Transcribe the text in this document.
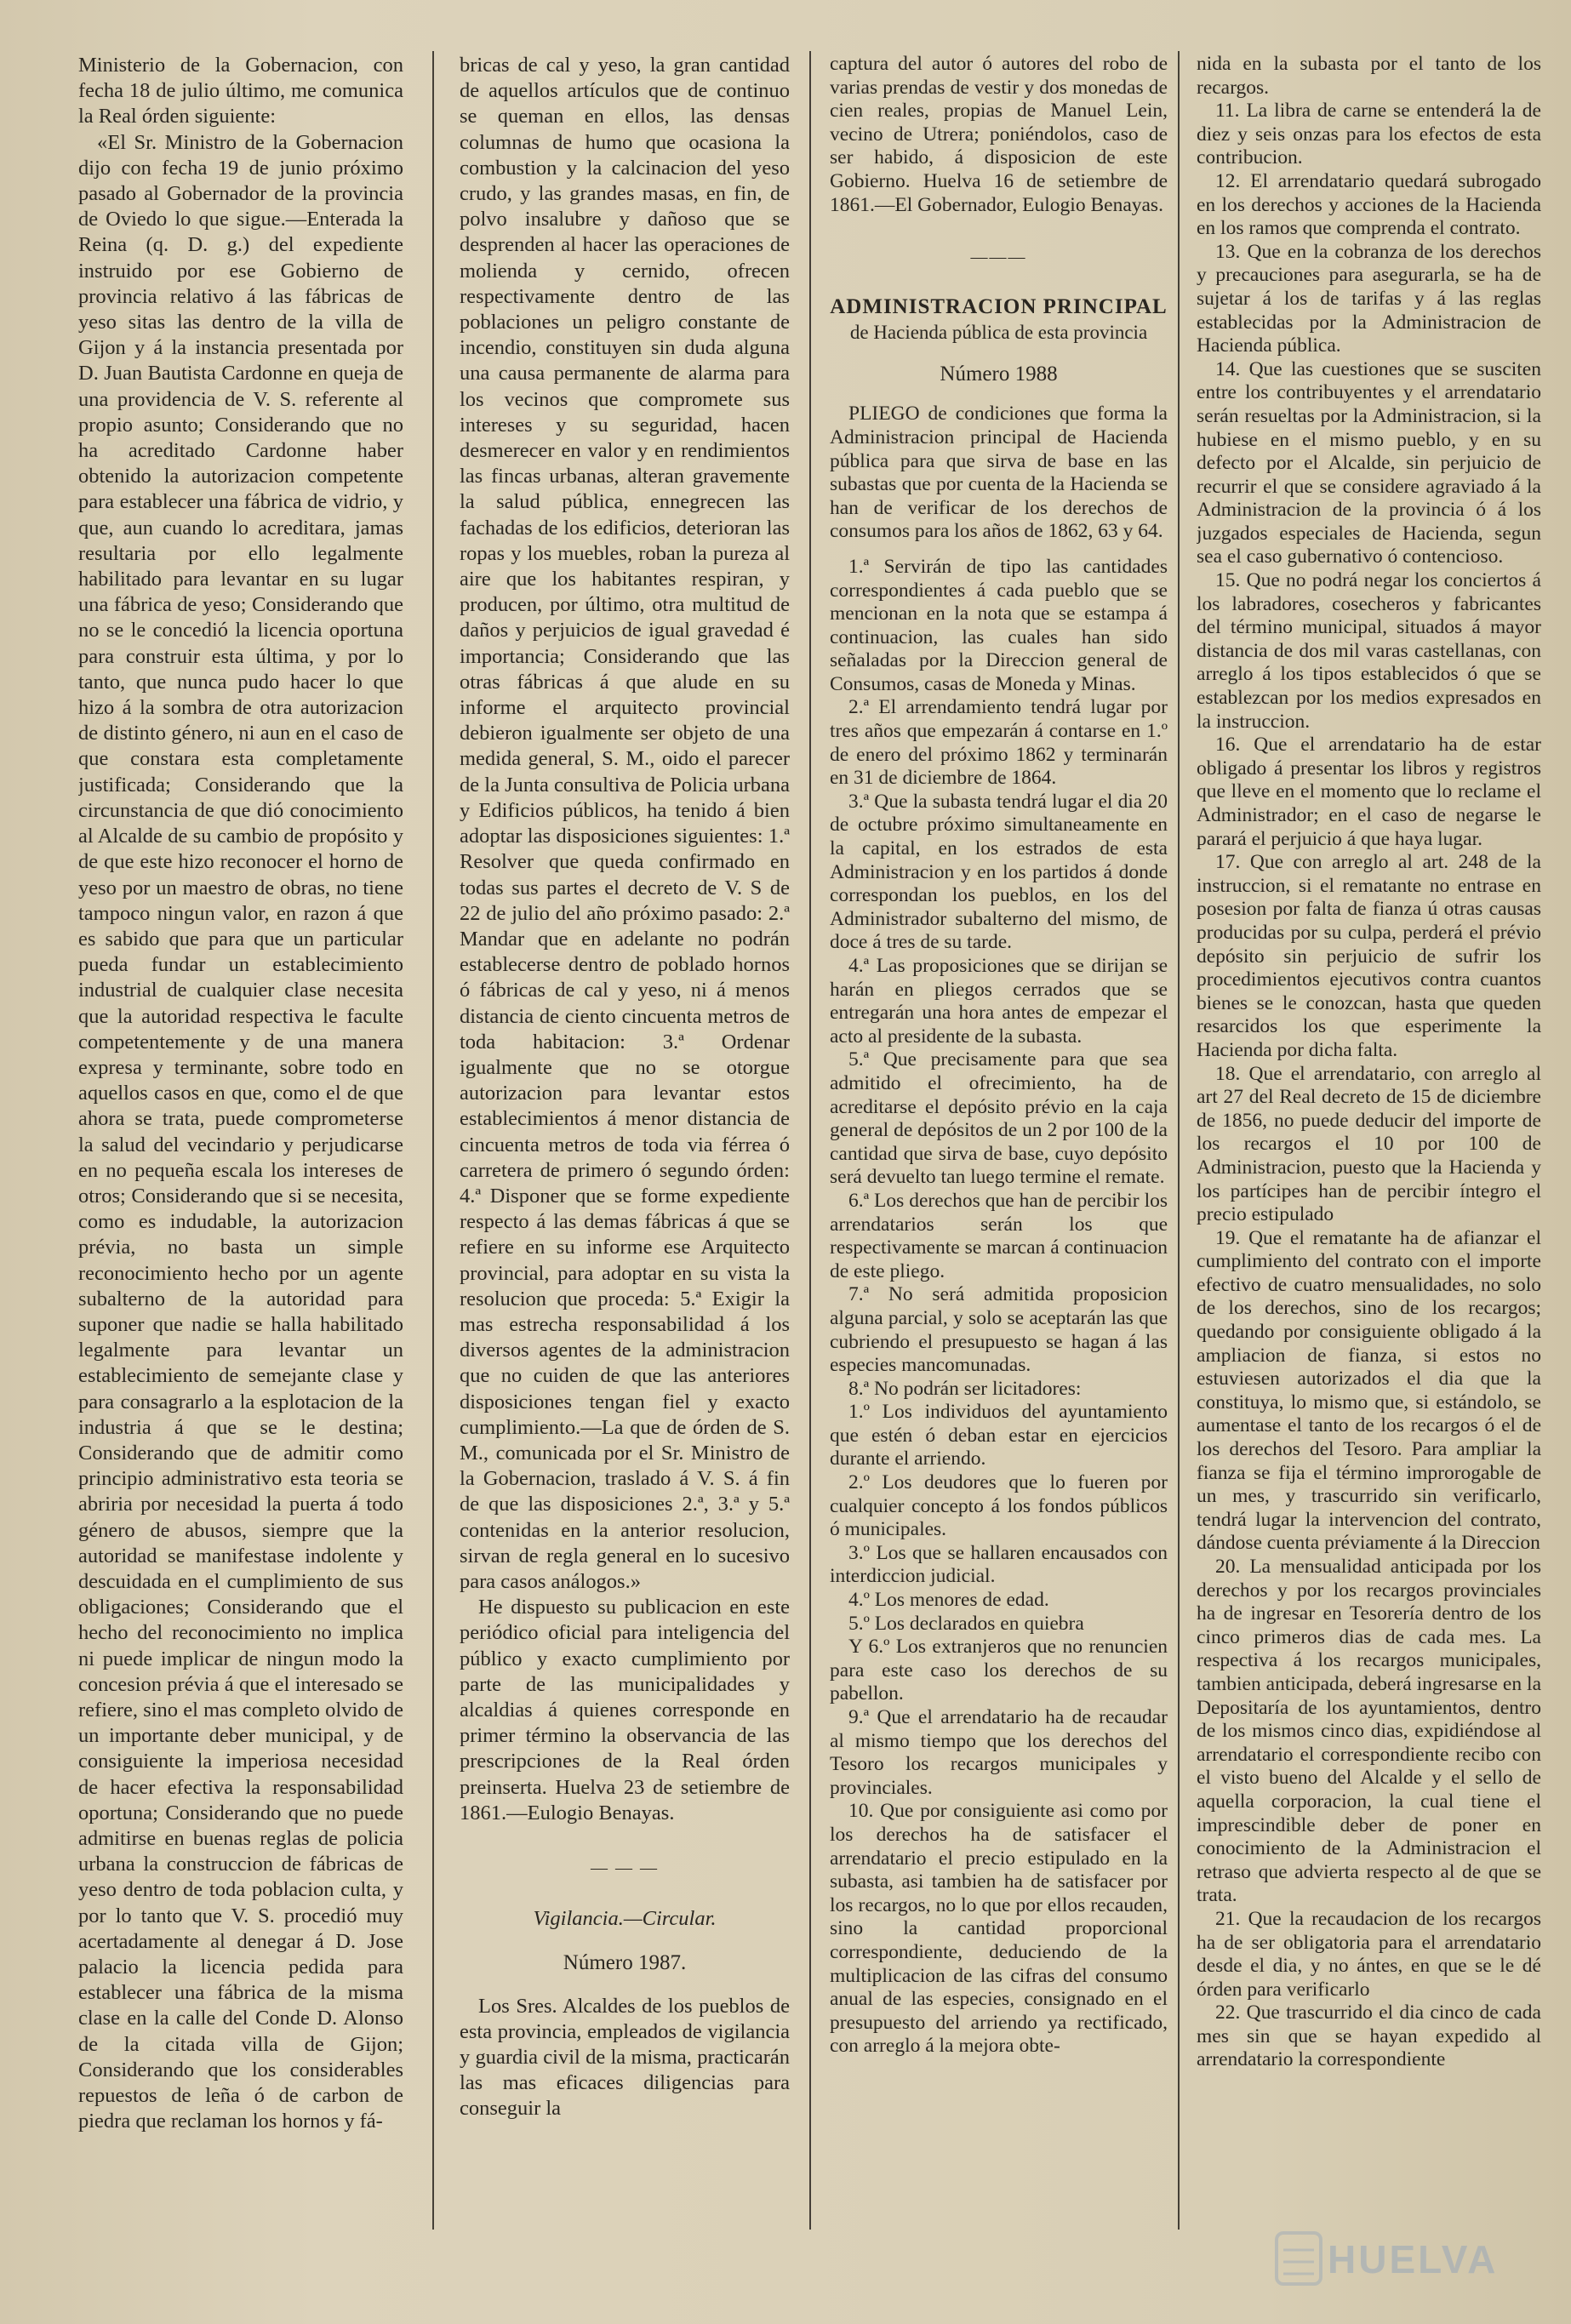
Ministerio de la Gobernacion, con fecha 18 de julio último, me comunica la Real órden siguiente:

«El Sr. Ministro de la Gobernacion dijo con fecha 19 de junio próximo pasado al Gobernador de la provincia de Oviedo lo que sigue.—Enterada la Reina (q. D. g.) del expediente instruido por ese Gobierno de provincia relativo á las fábricas de yeso sitas las dentro de la villa de Gijon y á la instancia presentada por D. Juan Bautista Cardonne en queja de una providencia de V. S. referente al propio asunto; Considerando que no ha acreditado Cardonne haber obtenido la autorizacion competente para establecer una fábrica de vidrio, y que, aun cuando lo acreditara, jamas resultaria por ello legalmente habilitado para levantar en su lugar una fábrica de yeso; Considerando que no se le concedió la licencia oportuna para construir esta última, y por lo tanto, que nunca pudo hacer lo que hizo á la sombra de otra autorizacion de distinto género, ni aun en el caso de que constara esta completamente justificada; Considerando que la circunstancia de que dió conocimiento al Alcalde de su cambio de propósito y de que este hizo reconocer el horno de yeso por un maestro de obras, no tiene tampoco ningun valor, en razon á que es sabido que para que un particular pueda fundar un establecimiento industrial de cualquier clase necesita que la autoridad respectiva le faculte competentemente y de una manera expresa y terminante, sobre todo en aquellos casos en que, como el de que ahora se trata, puede comprometerse la salud del vecindario y perjudicarse en no pequeña escala los intereses de otros; Considerando que si se necesita, como es indudable, la autorizacion prévia, no basta un simple reconocimiento hecho por un agente subalterno de la autoridad para suponer que nadie se halla habilitado legalmente para levantar un establecimiento de semejante clase y para consagrarlo a la esplotacion de la industria á que se le destina; Considerando que de admitir como principio administrativo esta teoria se abriria por necesidad la puerta á todo género de abusos, siempre que la autoridad se manifestase indolente y descuidada en el cumplimiento de sus obligaciones; Considerando que el hecho del reconocimiento no implica ni puede implicar de ningun modo la concesion prévia á que el interesado se refiere, sino el mas completo olvido de un importante deber municipal, y de consiguiente la imperiosa necesidad de hacer efectiva la responsabilidad oportuna; Considerando que no puede admitirse en buenas reglas de policia urbana la construccion de fábricas de yeso dentro de toda poblacion culta, y por lo tanto que V. S. procedió muy acertadamente al denegar á D. Jose palacio la licencia pedida para establecer una fábrica de la misma clase en la calle del Conde D. Alonso de la citada villa de Gijon; Considerando que los considerables repuestos de leña ó de carbon de piedra que reclaman los hornos y fá-

bricas de cal y yeso, la gran cantidad de aquellos artículos que de continuo se queman en ellos, las densas columnas de humo que ocasiona la combustion y la calcinacion del yeso crudo, y las grandes masas, en fin, de polvo insalubre y dañoso que se desprenden al hacer las operaciones de molienda y cernido, ofrecen respectivamente dentro de las poblaciones un peligro constante de incendio, constituyen sin duda alguna una causa permanente de alarma para los vecinos que compromete sus intereses y su seguridad, hacen desmerecer en valor y en rendimientos las fincas urbanas, alteran gravemente la salud pública, ennegrecen las fachadas de los edificios, deterioran las ropas y los muebles, roban la pureza al aire que los habitantes respiran, y producen, por último, otra multitud de daños y perjuicios de igual gravedad é importancia; Considerando que las otras fábricas á que alude en su informe el arquitecto provincial debieron igualmente ser objeto de una medida general, S. M., oido el parecer de la Junta consultiva de Policia urbana y Edificios públicos, ha tenido á bien adoptar las disposiciones siguientes: 1.ª Resolver que queda confirmado en todas sus partes el decreto de V. S de 22 de julio del año próximo pasado: 2.ª Mandar que en adelante no podrán establecerse dentro de poblado hornos ó fábricas de cal y yeso, ni á menos distancia de ciento cincuenta metros de toda habitacion: 3.ª Ordenar igualmente que no se otorgue autorizacion para levantar estos establecimientos á menor distancia de cincuenta metros de toda via férrea ó carretera de primero ó segundo órden: 4.ª Disponer que se forme expediente respecto á las demas fábricas á que se refiere en su informe ese Arquitecto provincial, para adoptar en su vista la resolucion que proceda: 5.ª Exigir la mas estrecha responsabilidad á los diversos agentes de la administracion que no cuiden de que las anteriores disposiciones tengan fiel y exacto cumplimiento.—La que de órden de S. M., comunicada por el Sr. Ministro de la Gobernacion, traslado á V. S. á fin de que las disposiciones 2.ª, 3.ª y 5.ª contenidas en la anterior resolucion, sirvan de regla general en lo sucesivo para casos análogos.»

He dispuesto su publicacion en este periódico oficial para inteligencia del público y exacto cumplimiento por parte de las municipalidades y alcaldias á quienes corresponde en primer término la observancia de las prescripciones de la Real órden preinserta. Huelva 23 de setiembre de 1861.—Eulogio Benayas.

— — —

Vigilancia.—Circular.

Número 1987.

Los Sres. Alcaldes de los pueblos de esta provincia, empleados de vigilancia y guardia civil de la misma, practicarán las mas eficaces diligencias para conseguir la

captura del autor ó autores del robo de varias prendas de vestir y dos monedas de cien reales, propias de Manuel Lein, vecino de Utrera; poniéndolos, caso de ser habido, á disposicion de este Gobierno. Huelva 16 de setiembre de 1861.—El Gobernador, Eulogio Benayas.

———

ADMINISTRACION PRINCIPAL

de Hacienda pública de esta provincia

Número 1988

PLIEGO de condiciones que forma la Administracion principal de Hacienda pública para que sirva de base en las subastas que por cuenta de la Hacienda se han de verificar de los derechos de consumos para los años de 1862, 63 y 64.

1.ª Servirán de tipo las cantidades correspondientes á cada pueblo que se mencionan en la nota que se estampa á continuacion, las cuales han sido señaladas por la Direccion general de Consumos, casas de Moneda y Minas.

2.ª El arrendamiento tendrá lugar por tres años que empezarán á contarse en 1.º de enero del próximo 1862 y terminarán en 31 de diciembre de 1864.

3.ª Que la subasta tendrá lugar el dia 20 de octubre próximo simultaneamente en la capital, en los estrados de esta Administracion y en los partidos á donde correspondan los pueblos, en los del Administrador subalterno del mismo, de doce á tres de su tarde.

4.ª Las proposiciones que se dirijan se harán en pliegos cerrados que se entregarán una hora antes de empezar el acto al presidente de la subasta.

5.ª Que precisamente para que sea admitido el ofrecimiento, ha de acreditarse el depósito prévio en la caja general de depósitos de un 2 por 100 de la cantidad que sirva de base, cuyo depósito será devuelto tan luego termine el remate.

6.ª Los derechos que han de percibir los arrendatarios serán los que respectivamente se marcan á continuacion de este pliego.

7.ª No será admitida proposicion alguna parcial, y solo se aceptarán las que cubriendo el presupuesto se hagan á las especies mancomunadas.

8.ª No podrán ser licitadores:

1.º Los individuos del ayuntamiento que estén ó deban estar en ejercicios durante el arriendo.

2.º Los deudores que lo fueren por cualquier concepto á los fondos públicos ó municipales.

3.º Los que se hallaren encausados con interdiccion judicial.

4.º Los menores de edad.

5.º Los declarados en quiebra

Y 6.º Los extranjeros que no renuncien para este caso los derechos de su pabellon.

9.ª Que el arrendatario ha de recaudar al mismo tiempo que los derechos del Tesoro los recargos municipales y provinciales.

10. Que por consiguiente asi como por los derechos ha de satisfacer el arrendatario el precio estipulado en la subasta, asi tambien ha de satisfacer por los recargos, no lo que por ellos recauden, sino la cantidad proporcional correspondiente, deduciendo de la multiplicacion de las cifras del consumo anual de las especies, consignado en el presupuesto del arriendo ya rectificado, con arreglo á la mejora obte-

nida en la subasta por el tanto de los recargos.

11. La libra de carne se entenderá la de diez y seis onzas para los efectos de esta contribucion.

12. El arrendatario quedará subrogado en los derechos y acciones de la Hacienda en los ramos que comprenda el contrato.

13. Que en la cobranza de los derechos y precauciones para asegurarla, se ha de sujetar á los de tarifas y á las reglas establecidas por la Administracion de Hacienda pública.

14. Que las cuestiones que se susciten entre los contribuyentes y el arrendatario serán resueltas por la Administracion, si la hubiese en el mismo pueblo, y en su defecto por el Alcalde, sin perjuicio de recurrir el que se considere agraviado á la Administracion de la provincia ó á los juzgados especiales de Hacienda, segun sea el caso gubernativo ó contencioso.

15. Que no podrá negar los conciertos á los labradores, cosecheros y fabricantes del término municipal, situados á mayor distancia de dos mil varas castellanas, con arreglo á los tipos establecidos ó que se establezcan por los medios expresados en la instruccion.

16. Que el arrendatario ha de estar obligado á presentar los libros y registros que lleve en el momento que lo reclame el Administrador; en el caso de negarse le parará el perjuicio á que haya lugar.

17. Que con arreglo al art. 248 de la instruccion, si el rematante no entrase en posesion por falta de fianza ú otras causas producidas por su culpa, perderá el prévio depósito sin perjuicio de sufrir los procedimientos ejecutivos contra cuantos bienes se le conozcan, hasta que queden resarcidos los que esperimente la Hacienda por dicha falta.

18. Que el arrendatario, con arreglo al art 27 del Real decreto de 15 de diciembre de 1856, no puede deducir del importe de los recargos el 10 por 100 de Administracion, puesto que la Hacienda y los partícipes han de percibir íntegro el precio estipulado

19. Que el rematante ha de afianzar el cumplimiento del contrato con el importe efectivo de cuatro mensualidades, no solo de los derechos, sino de los recargos; quedando por consiguiente obligado á la ampliacion de fianza, si estos no estuviesen autorizados el dia que la constituya, lo mismo que, si estándolo, se aumentase el tanto de los recargos ó el de los derechos del Tesoro. Para ampliar la fianza se fija el término improrogable de un mes, y trascurrido sin verificarlo, tendrá lugar la intervencion del contrato, dándose cuenta préviamente á la Direccion

20. La mensualidad anticipada por los derechos y por los recargos provinciales ha de ingresar en Tesorería dentro de los cinco primeros dias de cada mes. La respectiva á los recargos municipales, tambien anticipada, deberá ingresarse en la Depositaría de los ayuntamientos, dentro de los mismos cinco dias, expidiéndose al arrendatario el correspondiente recibo con el visto bueno del Alcalde y el sello de aquella corporacion, la cual tiene el imprescindible deber de poner en conocimiento de la Administracion el retraso que advierta respecto al de que se trata.

21. Que la recaudacion de los recargos ha de ser obligatoria para el arrendatario desde el dia, y no ántes, en que se le dé órden para verificarlo

22. Que trascurrido el dia cinco de cada mes sin que se hayan expedido al arrendatario la correspondiente

HUELVA
